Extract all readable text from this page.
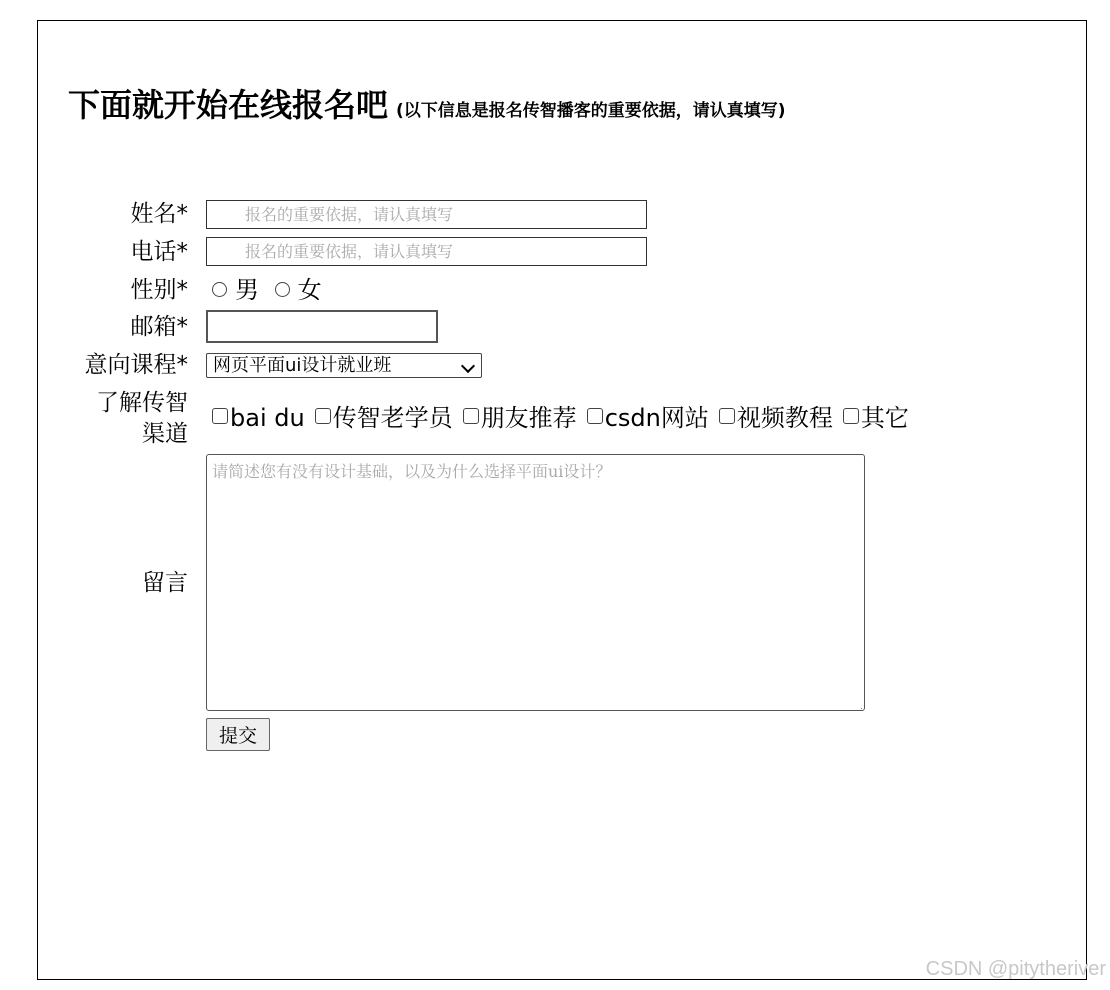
下面就开始在线报名吧 (以下信息是报名传智播客的重要依据，请认真填写)
姓名*
报名的重要依据，请认真填写
电话*
报名的重要依据，请认真填写
性别*	男 女
邮箱*
意向课程*	网页平面ui设计就业班
了解传智
渠道
bai du 传智老学员 朋友推荐 csdn网站 视频教程 其它
留言
请简述您有没有设计基础，以及为什么选择平面ui设计？
提交
CSDN @pitytheriver
